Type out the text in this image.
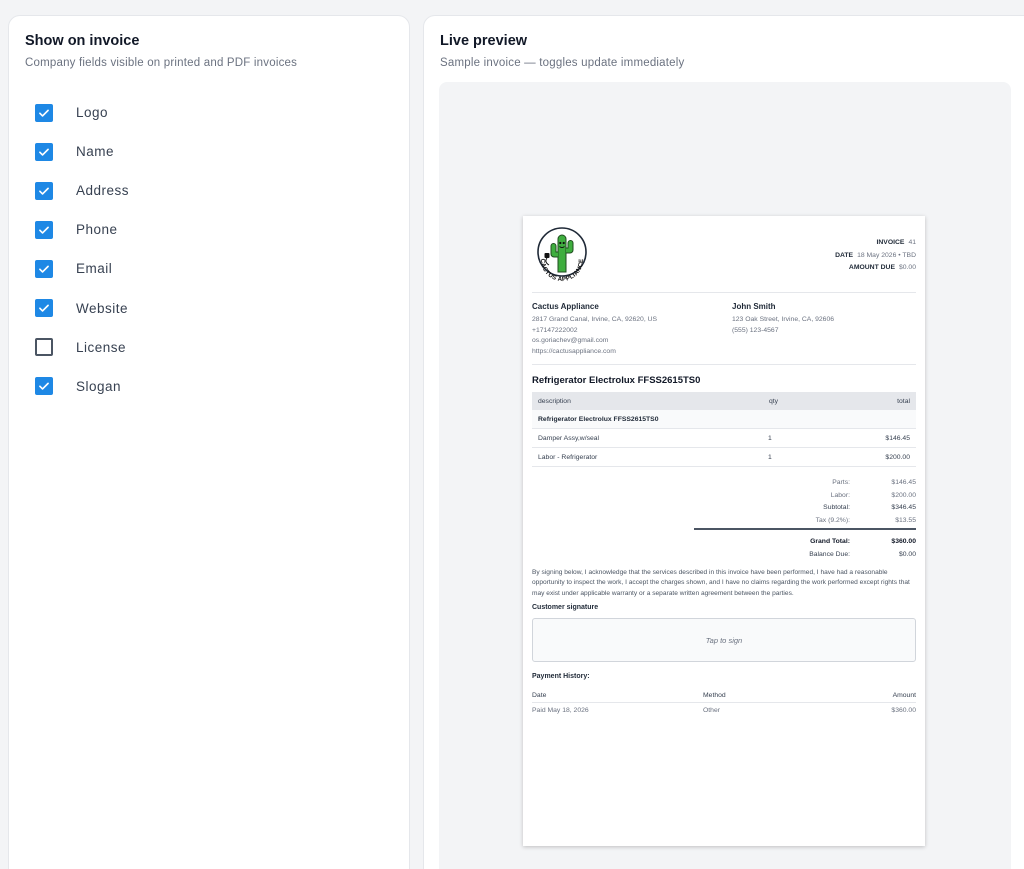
Show on invoice
Company fields visible on printed and PDF invoices
Logo
Name
Address
Phone
Email
Website
License
Slogan
Live preview
Sample invoice — toggles update immediately
CACTUS APPLIANCE
INVOICE 41
DATE 18 May 2026 • TBD
AMOUNT DUE $0.00
Cactus Appliance
2817 Grand Canal, Irvine, CA, 92620, US
+17147222002
os.goriachev@gmail.com
https://cactusappliance.com
John Smith
123 Oak Street, Irvine, CA, 92606
(555) 123-4567
Refrigerator Electrolux FFSS2615TS0
description	qty	total
Refrigerator Electrolux FFSS2615TS0
Damper Assy,w/seal	1	$146.45
Labor - Refrigerator	1	$200.00
Parts:	$146.45
Labor:	$200.00
Subtotal:	$346.45
Tax (9.2%):	$13.55
Grand Total:	$360.00
Balance Due:	$0.00
By signing below, I acknowledge that the services described in this invoice have been performed, I have had a reasonable opportunity to inspect the work, I accept the charges shown, and I have no claims regarding the work performed except rights that may exist under applicable warranty or a separate written agreement between the parties.
Customer signature
Tap to sign
Payment History:
Date	Method	Amount
Paid May 18, 2026	Other	$360.00
